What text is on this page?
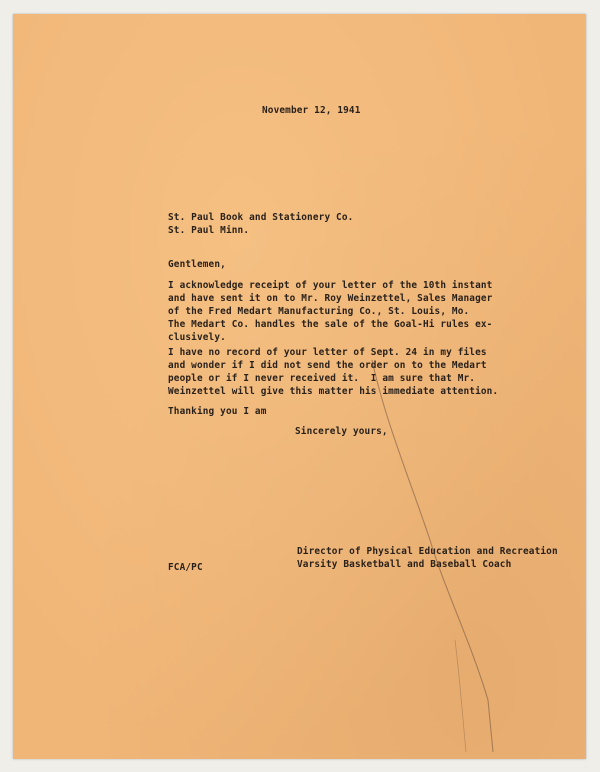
November 12, 1941

St. Paul Book and Stationery Co.

St. Paul Minn.

Gentlemen,

I acknowledge receipt of your letter of the 10th instant

and have sent it on to Mr. Roy Weinzettel, Sales Manager

of the Fred Medart Manufacturing Co., St. Louis, Mo.

The Medart Co. handles the sale of the Goal-Hi rules ex-

clusively.

I have no record of your letter of Sept. 24 in my files

and wonder if I did not send the order on to the Medart

people or if I never received it.  I am sure that Mr.

Weinzettel will give this matter his immediate attention.

Thanking you I am

Sincerely yours,

FCA/PC

Director of Physical Education and Recreation

Varsity Basketball and Baseball Coach
